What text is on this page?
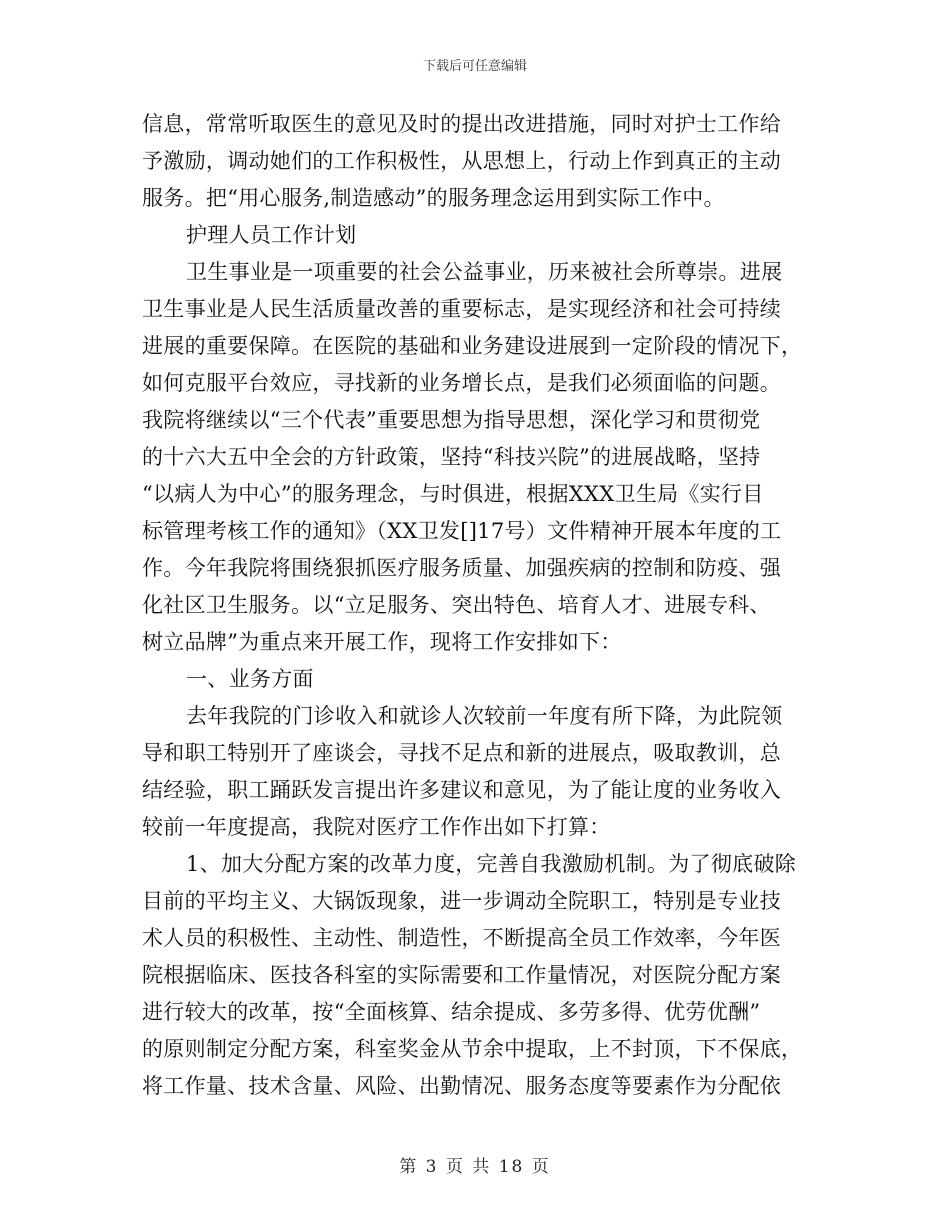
下载后可任意编辑
信息，常常听取医生的意见及时的提出改进措施，同时对护士工作给
予激励，调动她们的工作积极性，从思想上，行动上作到真正的主动
服务。把“用心服务,制造感动”的服务理念运用到实际工作中。
护理人员工作计划
卫生事业是一项重要的社会公益事业，历来被社会所尊崇。进展
卫生事业是人民生活质量改善的重要标志，是实现经济和社会可持续
进展的重要保障。在医院的基础和业务建设进展到一定阶段的情况下，
如何克服平台效应，寻找新的业务增长点，是我们必须面临的问题。
我院将继续以“三个代表”重要思想为指导思想，深化学习和贯彻党
的十六大五中全会的方针政策，坚持“科技兴院”的进展战略，坚持
“以病人为中心”的服务理念，与时俱进，根据XXX卫生局《实行目
标管理考核工作的通知》（XX卫发[]17号）文件精神开展本年度的工
作。今年我院将围绕狠抓医疗服务质量、加强疾病的控制和防疫、强
化社区卫生服务。以“立足服务、突出特色、培育人才、进展专科、
树立品牌”为重点来开展工作，现将工作安排如下：
一、业务方面
去年我院的门诊收入和就诊人次较前一年度有所下降，为此院领
导和职工特别开了座谈会，寻找不足点和新的进展点，吸取教训，总
结经验，职工踊跃发言提出许多建议和意见，为了能让度的业务收入
较前一年度提高，我院对医疗工作作出如下打算：
1、加大分配方案的改革力度，完善自我激励机制。为了彻底破除
目前的平均主义、大锅饭现象，进一步调动全院职工，特别是专业技
术人员的积极性、主动性、制造性，不断提高全员工作效率，今年医
院根据临床、医技各科室的实际需要和工作量情况，对医院分配方案
进行较大的改革，按“全面核算、结余提成、多劳多得、优劳优酬”
的原则制定分配方案，科室奖金从节余中提取，上不封顶，下不保底，
将工作量、技术含量、风险、出勤情况、服务态度等要素作为分配依
第 3 页 共 18 页
